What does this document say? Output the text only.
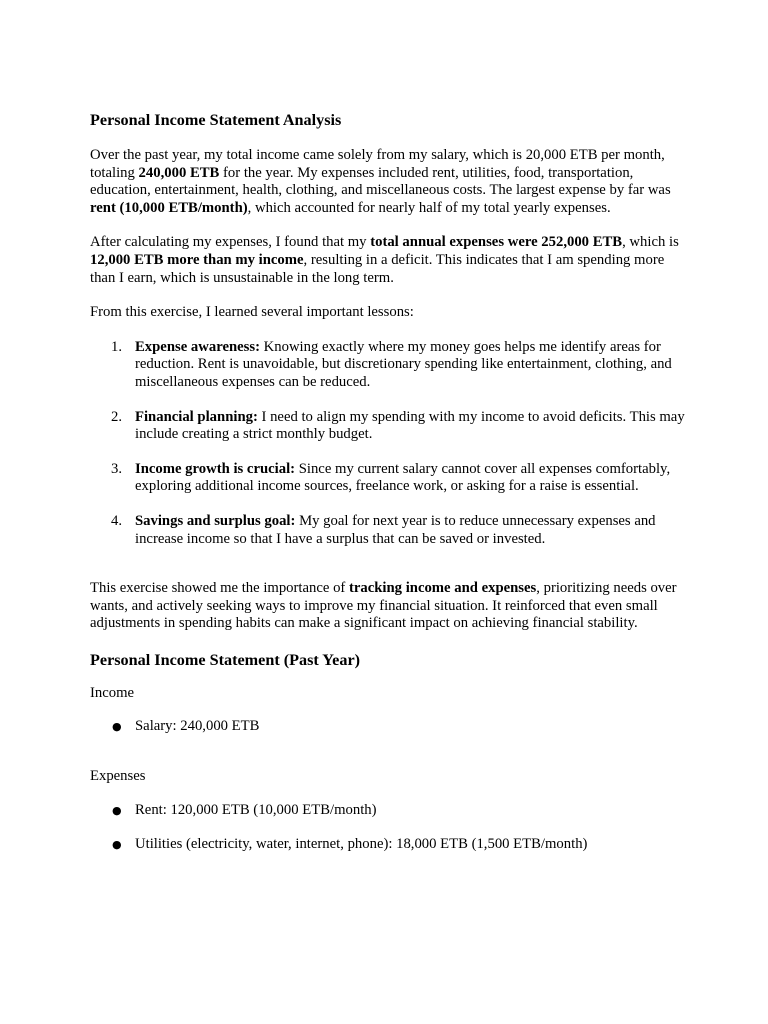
Personal Income Statement Analysis

Over the past year, my total income came solely from my salary, which is 20,000 ETB per month, totaling 240,000 ETB for the year. My expenses included rent, utilities, food, transportation, education, entertainment, health, clothing, and miscellaneous costs. The largest expense by far was rent (10,000 ETB/month), which accounted for nearly half of my total yearly expenses.

After calculating my expenses, I found that my total annual expenses were 252,000 ETB, which is 12,000 ETB more than my income, resulting in a deficit. This indicates that I am spending more than I earn, which is unsustainable in the long term.

From this exercise, I learned several important lessons:

1. Expense awareness: Knowing exactly where my money goes helps me identify areas for reduction. Rent is unavoidable, but discretionary spending like entertainment, clothing, and miscellaneous expenses can be reduced.
2. Financial planning: I need to align my spending with my income to avoid deficits. This may include creating a strict monthly budget.
3. Income growth is crucial: Since my current salary cannot cover all expenses comfortably, exploring additional income sources, freelance work, or asking for a raise is essential.
4. Savings and surplus goal: My goal for next year is to reduce unnecessary expenses and increase income so that I have a surplus that can be saved or invested.

This exercise showed me the importance of tracking income and expenses, prioritizing needs over wants, and actively seeking ways to improve my financial situation. It reinforced that even small adjustments in spending habits can make a significant impact on achieving financial stability.

Personal Income Statement (Past Year)

Income

● Salary: 240,000 ETB

Expenses

● Rent: 120,000 ETB (10,000 ETB/month)
● Utilities (electricity, water, internet, phone): 18,000 ETB (1,500 ETB/month)
